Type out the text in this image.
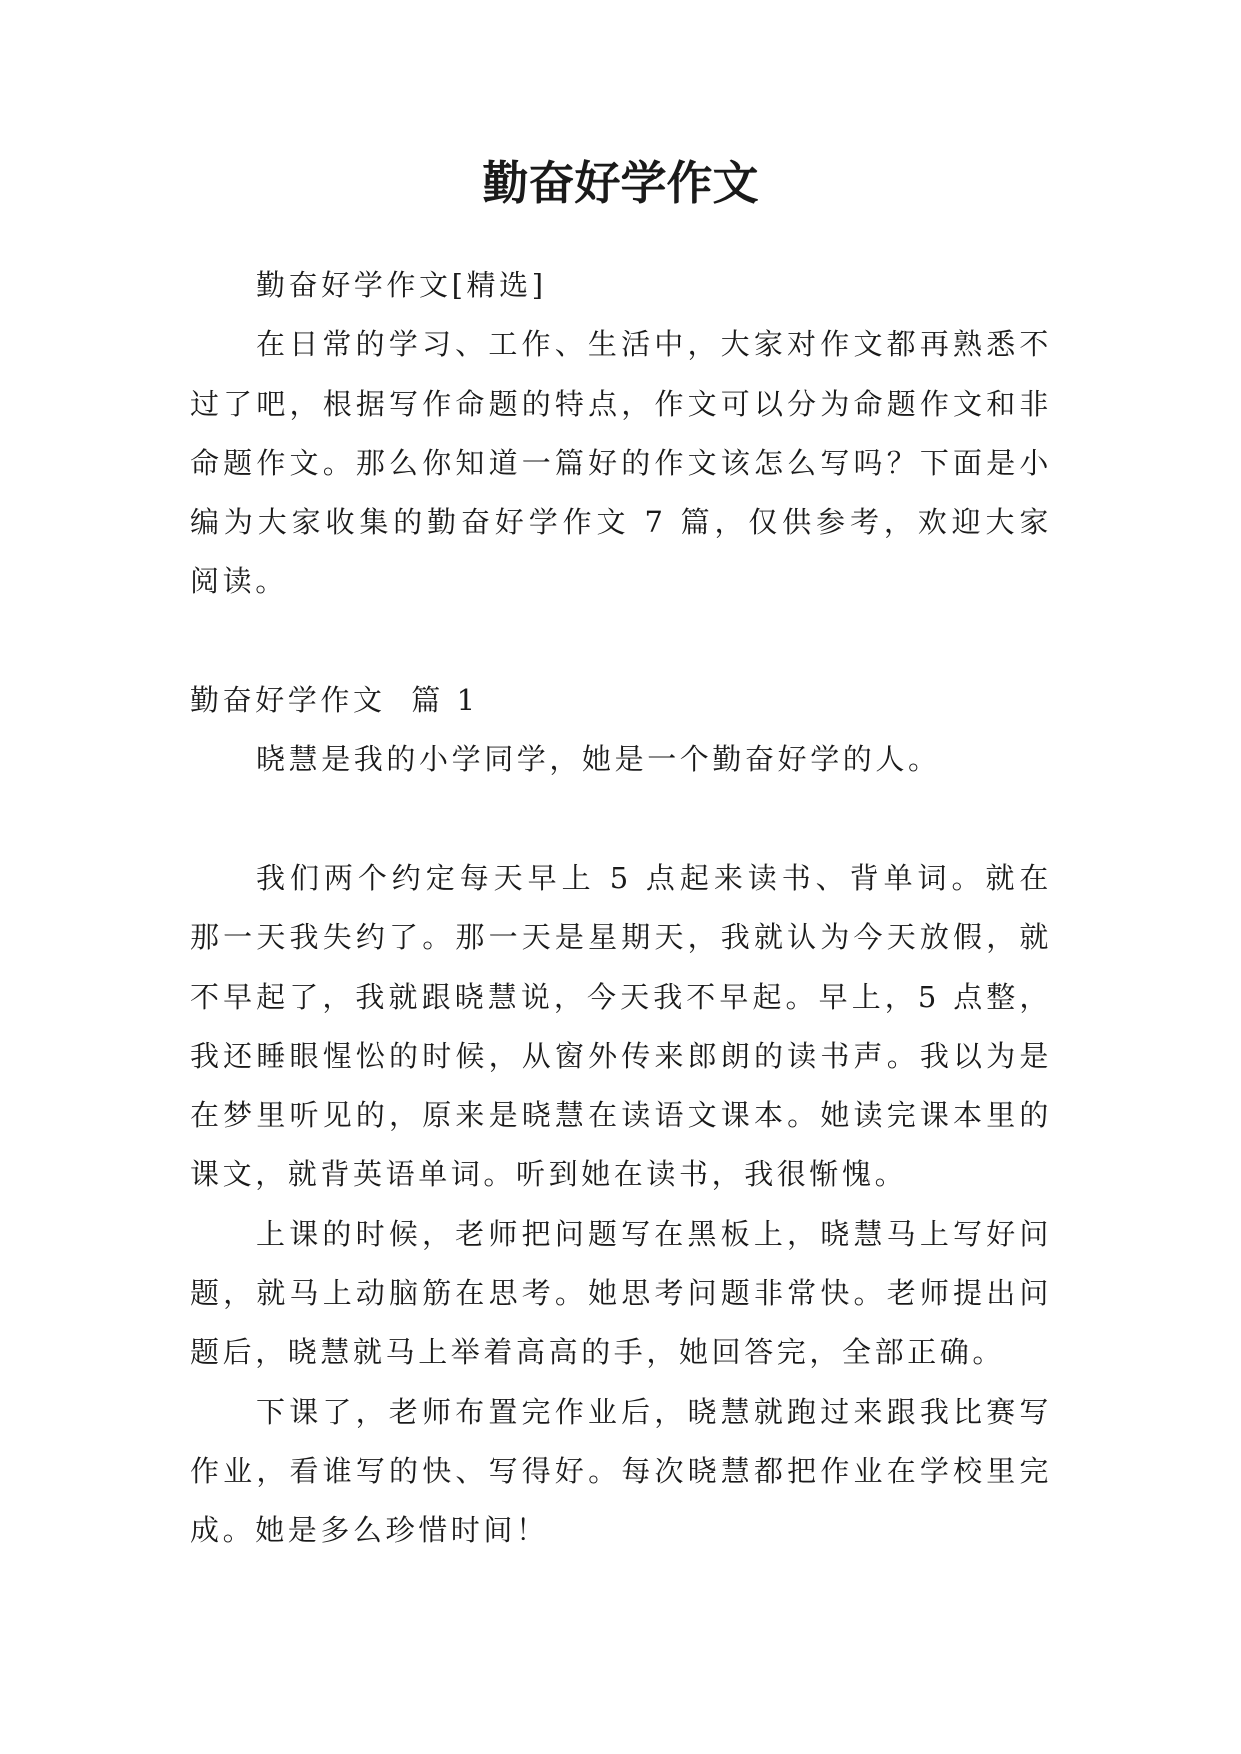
勤奋好学作文

勤奋好学作文[精选]

在日常的学习、工作、生活中，大家对作文都再熟悉不过了吧，根据写作命题的特点，作文可以分为命题作文和非命题作文。那么你知道一篇好的作文该怎么写吗？下面是小编为大家收集的勤奋好学作文 7 篇，仅供参考，欢迎大家阅读。

勤奋好学作文  篇 1

晓慧是我的小学同学，她是一个勤奋好学的人。

我们两个约定每天早上 5 点起来读书、背单词。就在那一天我失约了。那一天是星期天，我就认为今天放假，就不早起了，我就跟晓慧说，今天我不早起。早上，5 点整，我还睡眼惺忪的时候，从窗外传来郎朗的读书声。我以为是在梦里听见的，原来是晓慧在读语文课本。她读完课本里的课文，就背英语单词。听到她在读书，我很惭愧。

上课的时候，老师把问题写在黑板上，晓慧马上写好问题，就马上动脑筋在思考。她思考问题非常快。老师提出问题后，晓慧就马上举着高高的手，她回答完，全部正确。

下课了，老师布置完作业后，晓慧就跑过来跟我比赛写作业，看谁写的快、写得好。每次晓慧都把作业在学校里完成。她是多么珍惜时间！
